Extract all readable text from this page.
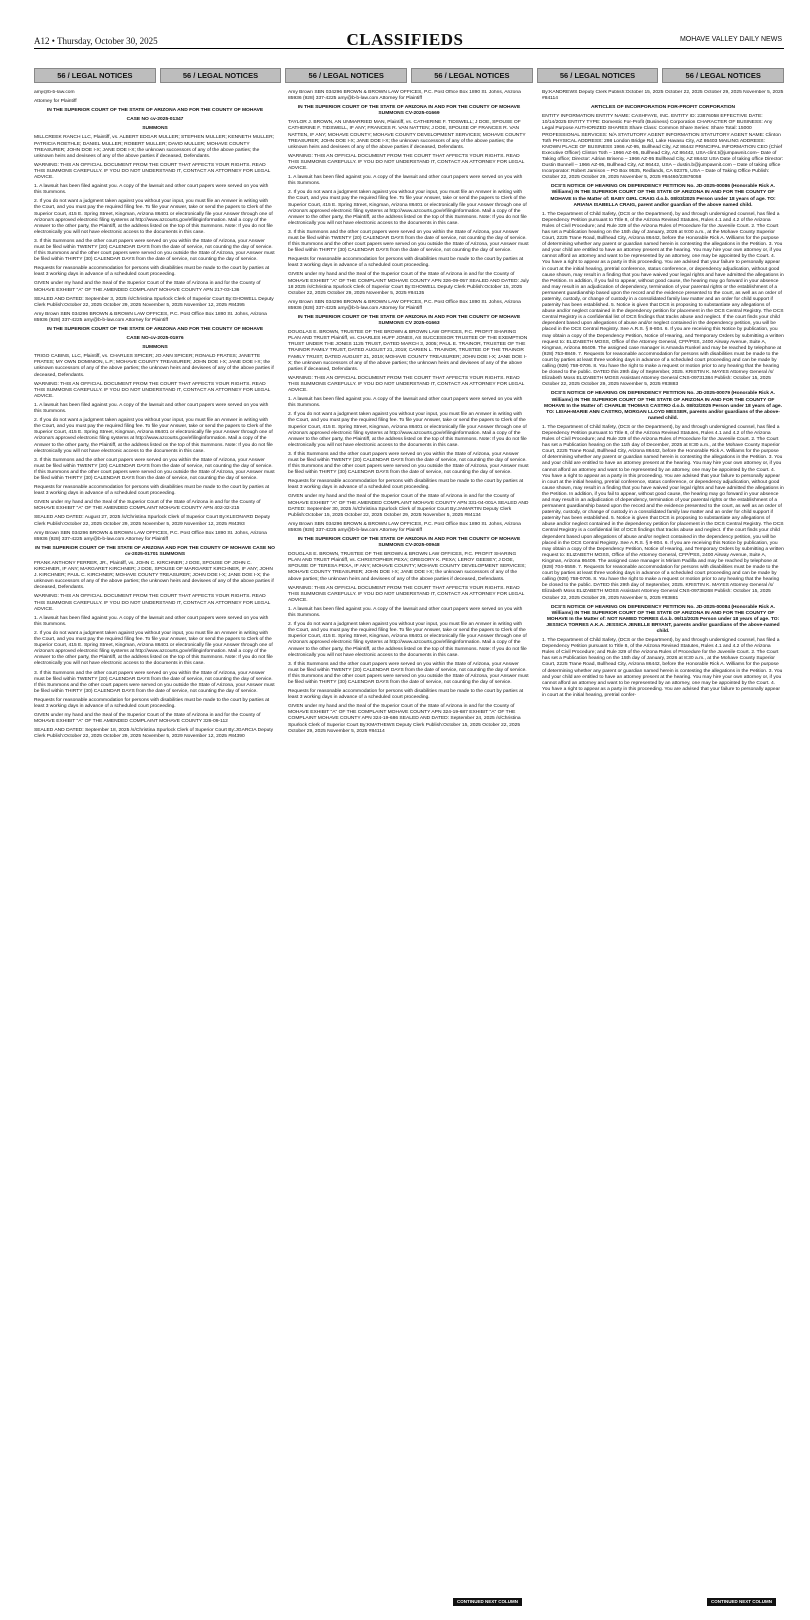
A12 • Thursday, October 30, 2025	CLASSIFIEDS	MOHAVE VALLEY DAILY NEWS
56 / LEGAL NOTICES	56 / LEGAL NOTICES	56 / LEGAL NOTICES	56 / LEGAL NOTICES	56 / LEGAL NOTICES	56 / LEGAL NOTICES

amy@b-b-law.com

Attorney for Plaintiff

IN THE SUPERIOR COURT OF THE STATE OF ARIZONA AND FOR THE COUNTY OF MOHAVE

CASE NO cv-2025-01347

SUMMONS

MILLCREEK RANCH LLC, Plaintiff, vs. ALBERT EDGAR MULLER; STEPHEN MULLER; KENNETH MULLER; PATRICIA ROETHLE; DANIEL MULLER; ROBERT MULLER; DAVID MULLER; MOHAVE COUNTY TREASURER; JOHN DOE I-X; JANE DOE I-X; the unknown successors of any of the above parties; the unknown heirs and devisees of any of the above parties if deceased, Defendants.

WARNING: THIS AN OFFICIAL DOCUMENT FROM THE COURT THAT AFFECTS YOUR RIGHTS. READ THIS SUMMONS CAREFULLY. IF YOU DO NOT UNDERSTAND IT, CONTACT AN ATTORNEY FOR LEGAL ADVICE.

1. A lawsuit has been filed against you. A copy of the lawsuit and other court papers were served on you with this Summons.

2. If you do not want a judgment taken against you without your input, you must file an Answer in writing with the Court, and you must pay the required filing fee. To file your Answer, take or send the papers to Clerk of the Superior Court, 415 E. Spring Street, Kingman, Arizona 86401 or electronically file your Answer through one of Arizona's approved electronic filing systems at http://www.azcourts.gov/efilinginformation. Mail a copy of the Answer to the other party, the Plaintiff, at the address listed on the top of this Summons. Note: If you do not file electronically you will not have electronic access to the documents in this case.

3. If this Summons and the other court papers were served on you within the State of Arizona, your Answer must be filed within TWENTY (20) CALENDAR DAYS from the date of service, not counting the day of service. If this Summons and the other court papers were served on you outside the State of Arizona, your Answer must be filed within THIRTY (30) CALENDAR DAYS from the date of service, not counting the day of service.

Requests for reasonable accommodation for persons with disabilities must be made to the court by parties at least 3 working days in advance of a scheduled court proceeding.

GIVEN under my hand and the Seal of the Superior Court of the State of Arizona in and for the County of MOHAVE EXHIBIT "A" OF THE AMENDED COMPLAINT MOHAVE COUNTY APN 217-03-136

SEALED AND DATED: September 3, 2025 /s/Christina Spurlock Clerk of Superior Court By:GHOWELL Deputy Clerk Publish:October 22, 2025 October 29, 2025 November 5, 2025 November 12, 2025 #84395

Amy Brown SBN 034296 BROWN & BROWN LAW OFFICES, P.C. Post Office Box 1890 St. Johns, Arizona 85936 (928) 337-4225 amy@b-b-law.com Attorney for Plaintiff

IN THE SUPERIOR COURT OF THE STATE OF ARIZONA AND FOR THE COUNTY OF MOHAVE

CASE NO-cv-2025-01976

SUMMONS

TRIGO CABINS, LLC, Plaintiff, vs. CHARLES SPICER; JO ANN SPICER; RONALD FRATES; JANETTE FRATES; MY OWN DOMINION, L.P.; MOHAVE COUNTY TREASURER; JOHN DOE I-X; JANE DOE I-X; the unknown successors of any of the above parties; the unknown heirs and devisees of any of the above parties if deceased, Defendants.

WARNING: THIS AN OFFICIAL DOCUMENT FROM THE COURT THAT AFFECTS YOUR RIGHTS. READ THIS SUMMONS CAREFULLY. IF YOU DO NOT UNDERSTAND IT, CONTACT AN ATTORNEY FOR LEGAL ADVICE.

1. A lawsuit has been filed against you. A copy of the lawsuit and other court papers were served on you with this Summons.

2. If you do not want a judgment taken against you without your input, you must file an Answer in writing with the Court, and you must pay the required filing fee. To file your Answer, take or send the papers to Clerk of the Superior Court, 415 E. Spring Street, Kingman, Arizona 86401 or electronically file your Answer through one of Arizona's approved electronic filing systems at http://www.azcourts.gov/efilinginformation. Mail a copy of the Answer to the other party, the Plaintiff, at the address listed on the top of this Summons. Note: If you do not file electronically you will not have electronic access to the documents in this case.

3. If this Summons and the other court papers were served on you within the State of Arizona, your Answer must be filed within TWENTY (20) CALENDAR DAYS from the date of service, not counting the day of service. If this Summons and the other court papers were served on you outside the State of Arizona, your Answer must be filed within THIRTY (30) CALENDAR DAYS from the date of service, not counting the day of service.

Requests for reasonable accommodation for persons with disabilities must be made to the court by parties at least 3 working days in advance of a scheduled court proceeding.

GIVEN under my hand and the Seal of the Superior Court of the State of Arizona in and for the County of MOHAVE EXHIBIT "A" OF THE AMENDED COMPLAINT MOHAVE COUNTY APN 402-32-215

SEALED AND DATED: August 27, 2025 /s/Christina Spurlock Clerk of Superior Court By:KLEONARD Deputy Clerk Publish:October 22, 2025 October 29, 2025 November 5, 2029 November 12, 2025 #84393

Amy Brown SBN 034296 BROWN & BROWN LAW OFFICES, P.C. Post Office Box 1890 St. Johns, Arizona 85936 (928) 337-4225 amy@b-b-law.com Attorney for Plaintiff

IN THE SUPERIOR COURT OF THE STATE OF ARIZONA AND FOR THE COUNTY OF MOHAVE CASE NO cv-2025-01701 SUMMONS

FRANK ANTHONY FERRER, JR., Plaintiff, vs. JOHN C. KIRCHNER; J DOE, SPOUSE OF JOHN C. KIRCHNER, IF ANY; MARGARET KIRCHNER; J DOE, SPOUSE OF MARGARET KIRCHNER, IF ANY; JOHN J. KIRCHNER; PAUL C. KIRCHNER; MOHAVE COUNTY TREASURER; JOHN DOE I-X; JANE DOE I-X; the unknown successors of any of the above parties; the unknown heirs and devisees of any of the above parties if deceased, Defendants.

WARNING: THIS AN OFFICIAL DOCUMENT FROM THE COURT THAT AFFECTS YOUR RIGHTS. READ THIS SUMMONS CAREFULLY. IF YOU DO NOT UNDERSTAND IT, CONTACT AN ATTORNEY FOR LEGAL ADVICE.

1. A lawsuit has been filed against you. A copy of the lawsuit and other court papers were served on you with this Summons.

2. If you do not want a judgment taken against you without your input, you must file an Answer in writing with the Court, and you must pay the required filing fee. To file your Answer, take or send the papers to Clerk of the Superior Court, 415 E. Spring Street, Kingman, Arizona 86401 or electronically file your Answer through one of Arizona's approved electronic filing systems at http://www.azcourts.gov/efilinginformation. Mail a copy of the Answer to the other party, the Plaintiff, at the address listed on the top of this Summons. Note: If you do not file electronically you will not have electronic access to the documents in this case.

3. If this Summons and the other court papers were served on you within the State of Arizona, your Answer must be filed within TWENTY (20) CALENDAR DAYS from the date of service, not counting the day of service. If this Summons and the other court papers were served on you outside the State of Arizona, your Answer must be filed within THIRTY (30) CALENDAR DAYS from the date of service, not counting the day of service.

Requests for reasonable accommodation for persons with disabilities must be made to the court by parties at least 3 working days in advance of a scheduled court proceeding.

GIVEN under my hand and the Seal of the Superior Court of the State of Arizona in and for the County of MOHAVE EXHIBIT "A" OF THE AMENDED COMPLAINT MOHAVE COUNTY 326-09-112

SEALED AND DATED: September 18, 2025 /s/Christina Spurlock Clerk of Superior Court By:JGARCIA Deputy Clerk Publish:October 22, 2025 October 29, 2025 November 5, 2029 November 12, 2025 #84390

Amy Brown SBN 034296 BROWN & BROWN LAW OFFICES, P.C. Post Office Box 1890 St. Johns, Arizona 85936 (928) 337-4225 amy@b-b-law.com Attorney for Plaintiff

IN THE SUPERIOR COURT OF THE STATE OF ARIZONA IN AND FOR THE COUNTY OF MOHAVE SUMMONS CV-2025-01669

TAYLOR J. BROWN, AN UNMARRIED MAN, Plaintiff, vs. CATHERINE F. TIDSWELL; J DOE, SPOUSE OF CATHERINE F. TIDSWELL, IF ANY; FRANCES R. VAN NATTEN; J DOE, SPOUSE OF FRANCES R. VAN NATTEN, IF ANY; MOHAVE COUNTY; MOHAVE COUNTY DEVELOPMENT SERVICES; MOHAVE COUNTY TREASURER; JOHN DOE I-X; JANE DOE I-X; the unknown successors of any of the above parties; the unknown heirs and devisees of any of the above parties if deceased, Defendants.

WARNING: THIS AN OFFICIAL DOCUMENT FROM THE COURT THAT AFFECTS YOUR RIGHTS. READ THIS SUMMONS CAREFULLY. IF YOU DO NOT UNDERSTAND IT, CONTACT AN ATTORNEY FOR LEGAL ADVICE.

1. A lawsuit has been filed against you. A copy of the lawsuit and other court papers were served on you with this Summons.

2. If you do not want a judgment taken against you without your input, you must file an Answer in writing with the Court, and you must pay the required filing fee. To file your Answer, take or send the papers to Clerk of the Superior Court, 415 E. Spring Street, Kingman, Arizona 86401 or electronically file your Answer through one of Arizona's approved electronic filing systems at http://www.azcourts.gov/efilinginformation. Mail a copy of the Answer to the other party, the Plaintiff, at the address listed on the top of this Summons. Note: If you do not file electronically you will not have electronic access to the documents in this case.

3. If this Summons and the other court papers were served on you within the State of Arizona, your Answer must be filed within TWENTY (20) CALENDAR DAYS from the date of service, not counting the day of service. If this Summons and the other court papers were served on you outside the State of Arizona, your Answer must be filed within THIRTY (30) CALENDAR DAYS from the date of service, not counting the day of service.

Requests for reasonable accommodation for persons with disabilities must be made to the court by parties at least 3 working days in advance of a scheduled court proceeding.

GIVEN under my hand and the Seal of the Superior Court of the State of Arizona in and for the County of MOHAVE EXHIBIT "A" OF THE COMPLAINT MOHAVE COUNTY APN 326-09-057 SEALED AND DATED: July 18 2025 /s/Christina Spurlock Clerk of Superior Court By:GHOWELL Deputy Clerk Publish:October 15, 2025 October 22, 2025 October 29, 2025 November 5, 2025 #84135

Amy Brown SBN 034296 BROWN & BROWN LAW OFFICES, P.C. Post Office Box 1890 St. Johns, Arizona 85936 (928) 337-4225 amy@b-b-law.com Attorney for Plaintiff

IN THE SUPERIOR COURT OF THE STATE OF ARIZONA IN AND FOR THE COUNTY OF MOHAVE SUMMONS CV 2025-01663

DOUGLAS E. BROWN, TRUSTEE OF THE BROWN & BROWN LAW OFFICES, P.C. PROFIT SHARING PLAN AND TRUST Plaintiff, vs. CHARLES HUFF JONES, AS SUCCESSOR TRUSTEE OF THE EXEMPTION TRUST UNDER THE JONES 1125 TRUST, DATED MARCH 3, 2005; PAUL E. TRAINOR, TRUSTEE OF THE TRAINOR FAMILY TRUST, DATED AUGUST 21, 2019; CARIEN L. TRAINOR, TRUSTEE OF THE TRAINOR FAMILY TRUST, DATED AUGUST 21, 2019; MOHAVE COUNTY TREASURER; JOHN DOE I-X; JANE DOE I-X; the unknown successors of any of the above parties; the unknown heirs and devisees of any of the above parties if deceased, Defendants.

WARNING: THIS AN OFFICIAL DOCUMENT FROM THE COURT THAT AFFECTS YOUR RIGHTS. READ THIS SUMMONS CAREFULLY. IF YOU DO NOT UNDERSTAND IT, CONTACT AN ATTORNEY FOR LEGAL ADVICE.

1. A lawsuit has been filed against you. A copy of the lawsuit and other court papers were served on you with this Summons.

2. If you do not want a judgment taken against you without your input, you must file an Answer in writing with the Court, and you must pay the required filing fee. To file your Answer, take or send the papers to Clerk of the Superior Court, 415 E. Spring Street, Kingman, Arizona 86401 or electronically file your Answer through one of Arizona's approved electronic filing systems at http://www.azcourts.gov/efilinginformation. Mail a copy of the Answer to the other party, the Plaintiff, at the address listed on the top of this Summons. Note: If you do not file electronically you will not have electronic access to the documents in this case.

3. If this Summons and the other court papers were served on you within the State of Arizona, your Answer must be filed within TWENTY (20) CALENDAR DAYS from the date of service, not counting the day of service. If this Summons and the other court papers were served on you outside the State of Arizona, your Answer must be filed within THIRTY (30) CALENDAR DAYS from the date of service, not counting the day of service.

Requests for reasonable accommodation for persons with disabilities must be made to the court by parties at least 3 working days in advance of a scheduled court proceeding.

GIVEN under my hand and the Seal of the Superior Court of the State of Arizona in and for the County of MOHAVE EXHIBIT "A" OF THE AMENDED COMPLAINT MOHAVE COUNTY APN 331-04-001A SEALED AND DATED: September 30, 2025 /s/Christina Spurlock Clerk of Superior Court By:JAMARTIN Deputy Clerk Publish:October 15, 2025 October 22, 2025 October 29, 2025 November 5, 2025 #84134

Amy Brown SBN 034296 BROWN & BROWN LAW OFFICES, P.C. Post Office Box 1890 St. Johns, Arizona 85936 (928) 337-4225 amy@b-b-law.com Attorney for Plaintiff

IN THE SUPERIOR COURT OF THE STATE OF ARIZONA IN AND FOR THE COUNTY OF MOHAVE SUMMONS CV-2025-00948

DOUGLAS E. BROWN, TRUSTEE OF THE BROWN & BROWN LAW OFFICES, P.C. PROFIT SHARING PLAN AND TRUST Plaintiff, vs. CHRISTOPHER PEXA; GREGORY K. PEXA; LEROY GEESEY; J DOE, SPOUSE OF TERESA PEXA, IF ANY; MOHAVE COUNTY; MOHAVE COUNTY DEVELOPMENT SERVICES; MOHAVE COUNTY TREASURER; JOHN DOE I-X; JANE DOE I-X; the unknown successors of any of the above parties; the unknown heirs and devisees of any of the above parties if deceased, Defendants.

WARNING: THIS AN OFFICIAL DOCUMENT FROM THE COURT THAT AFFECTS YOUR RIGHTS. READ THIS SUMMONS CAREFULLY. IF YOU DO NOT UNDERSTAND IT, CONTACT AN ATTORNEY FOR LEGAL ADVICE.

1. A lawsuit has been filed against you. A copy of the lawsuit and other court papers were served on you with this Summons.

2. If you do not want a judgment taken against you without your input, you must file an Answer in writing with the Court, and you must pay the required filing fee. To file your Answer, take or send the papers to Clerk of the Superior Court, 415 E. Spring Street, Kingman, Arizona 86401 or electronically file your Answer through one of Arizona's approved electronic filing systems at http://www.azcourts.gov/efilinginformation. Mail a copy of the Answer to the other party, the Plaintiff, at the address listed on the top of this Summons. Note: If you do not file electronically you will not have electronic access to the documents in this case.

3. If this Summons and the other court papers were served on you within the State of Arizona, your Answer must be filed within TWENTY (20) CALENDAR DAYS from the date of service, not counting the day of service. If this Summons and the other court papers were served on you outside the State of Arizona, your Answer must be filed within THIRTY (30) CALENDAR DAYS from the date of service, not counting the day of service.

Requests for reasonable accommodation for persons with disabilities must be made to the court by parties at least 3 working days in advance of a scheduled court proceeding.

GIVEN under my hand and the Seal of the Superior Court of the State of Arizona in and for the County of MOHAVE EXHIBIT "A" OF THE COMPLAINT MOHAVE COUNTY APN 324-19-687 EXHIBIT "A" OF THE COMPLAINT MOHAVE COUNTY APN 324-19-686 SEALED AND DATED: September 24, 2025 /s/Christina Spurlock Clerk of Superior Court By:KMATHEWS Deputy Clerk Publish:October 15, 2025 October 22, 2025 October 29, 2025 November 5, 2025 #84114

CONTINUED NEXT COLUMN

By:KANDREWS Deputy Clerk Publish:October 15, 2025 October 22, 2025 October 29, 2025 November 5, 2025 #84114

ARTICLES OF INCORPORATION FOR-PROFIT CORPORATION

ENTITY INFORMATION ENTITY NAME: CASHFAYE, INC. ENTITY ID: 23876058 EFFECTIVE DATE: 10/14/2025 ENTITY TYPE: Domestic For-Profit (Business) Corporation CHARACTER OF BUSINESS: Any Legal Purpose AUTHORIZED SHARES Share Class: Common Share Series: Share Total: 15000 PROFESSIONAL SERVICES: N/A STATUTORY AGENT INFORMATION STATUTORY AGENT NAME: Clinton Toth PHYSICAL ADDRESS: 298 London Bridge Rd, Lake Havasu City, AZ 86403 MAILING ADDRESS: KNOWN PLACE OF BUSINESS 1966 AZ-95, Bullhead City, AZ 86442 PRINCIPAL INFORMATION CEO (Chief Executive Officer) Clinton Toth – 1966 AZ-95, Bullhead City, AZ 86442, USA-clint.t@jumpawnit.com– Date of Taking office; Director: Adrian Briseno – 1966 AZ-95 Bullhead City, AZ 86442 USA Date of taking office Director: Dustin Bunnell – 1966 AZ-95, Bullhead City, AZ 86442, USA – dustin.b@jumpawnit.com – Date of taking office Incorporator: Robert Jamison – PO Box 9535, Redlands, CA 92375, USA – Date of Taking Office Publish: October 22, 2025 October 29, 2025 November 5, 2025 #84460/23876058

DCS'S NOTICE OF HEARING ON DEPENDENCY PETITION No. JD-2025-00086 (Honorable Rick A. Williams) IN THE SUPERIOR COURT OF THE STATE OF ARIZONA IN AND FOR THE COUNTY OF MOHAVE In the Matter of: BABY GIRL CRAIG d.o.b. 08/03/2025 Person under 18 years of age. TO: ARIANA ISABELLA CRAIG, parent and/or guardian of the above named child.

1. The Department of Child Safety, (DCS or the Department), by and through undersigned counsel, has filed a Dependency Petition pursuant to Title 8, of the Arizona Revised Statutes, Rules 4.1 and 4.2 of the Arizona Rules of Civil Procedure; and Rule 329 of the Arizona Rules of Procedure for the Juvenile Court. 2. The Court has set a Publication hearing on the 15th day of January, 2026 at 9:00 a.m., at the Mohave County Superior Court, 2225 Trane Road, Bullhead City, Arizona 86442, before the Honorable Rick A. Williams for the purpose of determining whether any parent or guardian named herein is contesting the allegations in the Petition. 3. You and your child are entitled to have an attorney present at the hearing. You may hire your own attorney or, if you cannot afford an attorney and want to be represented by an attorney, one may be appointed by the Court. 4. You have a right to appear as a party in this proceeding. You are advised that your failure to personally appear in court at the initial hearing, pretrial conference, status conference, or dependency adjudication, without good cause shown, may result in a finding that you have waived your legal rights and have admitted the allegations in the Petition. In addition, if you fail to appear, without good cause, the hearing may go forward in your absence and may result in an adjudication of dependency, termination of your parental rights or the establishment of a permanent guardianship based upon the record and the evidence presented to the court, as well as an order of paternity, custody, or change of custody in a consolidated family law matter and an order for child support if paternity has been established. 5. Notice is given that DCS is proposing to substantiate any allegations of abuse and/or neglect contained in the dependency petition for placement in the DCS Central Registry. The DCS Central Registry is a confidential list of DCS findings that tracks abuse and neglect. If the court finds your child dependent based upon allegations of abuse and/or neglect contained in the dependency petition, you will be placed in the DCS Central Registry. See A.R.S. § 8-804. 6. If you are receiving this Notice by publication, you may obtain a copy of the Dependency Petition, Notice of Hearing, and Temporary Orders by submitting a written request to: ELIZABETH MOSS, Office of the Attorney General, CFP/PSS, 2400 Airway Avenue, Suite A, Kingman, Arizona 86409. The assigned case manager is Amanda Runkel and may be reached by telephone at (928) 753-8849. 7. Requests for reasonable accommodation for persons with disabilities must be made to the court by parties at least three working days in advance of a scheduled court proceeding and can be made by calling (928) 758-0706. 8. You have the right to make a request or motion prior to any hearing that the hearing be closed to the public. DATED this 29th day of September, 2025. KRISTIN K. MAYES Attorney General /s/ Elizabeth Moss ELIZABETH MOSS Assistant Attorney General CNS-09731384 Publish: October 15, 2025 October 22, 2025 October 29, 2025 November 5, 2025 #83883

DCS'S NOTICE OF HEARING ON DEPENDENCY PETITION No. JD-2025-00079 (Honorable Rick A. Williams) IN THE SUPERIOR COURT OF THE STATE OF ARIZONA IN AND FOR THE COUNTY OF MOHAVE In the Matter of: CHARLIE THOMAS CASTRO d.o.b. 08/02/2025 Person under 18 years of age. TO: LEIAH-MARIE ANN CASTRO, MORGAN LLOYD MESSER, parents and/or guardians of the above-named child.

1. The Department of Child Safety, (DCS or the Department), by and through undersigned counsel, has filed a Dependency Petition pursuant to Title 8, of the Arizona Revised Statutes, Rules 4.1 and 4.2 of the Arizona Rules of Civil Procedure; and Rule 329 of the Arizona Rules of Procedure for the Juvenile Court. 2. The Court has set a Publication hearing on the 11th day of December, 2025 at 8:30 a.m., at the Mohave County Superior Court, 2225 Trane Road, Bullhead City, Arizona 86442, before the Honorable Rick A. Williams for the purpose of determining whether any parent or guardian named herein is contesting the allegations in the Petition. 3. You and your child are entitled to have an attorney present at the hearing. You may hire your own attorney or, if you cannot afford an attorney and want to be represented by an attorney, one may be appointed by the Court. 4. You have a right to appear as a party in this proceeding. You are advised that your failure to personally appear in court at the initial hearing, pretrial conference, status conference, or dependency adjudication, without good cause shown, may result in a finding that you have waived your legal rights and have admitted the allegations in the Petition. In addition, if you fail to appear, without good cause, the hearing may go forward in your absence and may result in an adjudication of dependency, termination of your parental rights or the establishment of a permanent guardianship based upon the record and the evidence presented to the court, as well as an order of paternity, custody, or change of custody in a consolidated family law matter and an order for child support if paternity has been established. 5. Notice is given that DCS is proposing to substantiate any allegations of abuse and/or neglect contained in the dependency petition for placement in the DCS Central Registry. The DCS Central Registry is a confidential list of DCS findings that tracks abuse and neglect. If the court finds your child dependent based upon allegations of abuse and/or neglect contained in the dependency petition, you will be placed in the DCS Central Registry. See A.R.S. § 8-804. 6. If you are receiving this Notice by publication, you may obtain a copy of the Dependency Petition, Notice of Hearing, and Temporary Orders by submitting a written request to: ELIZABETH MOSS, Office of the Attorney General, CFP/PSS, 2400 Airway Avenue, Suite A, Kingman, Arizona 86409. The assigned case manager is Miriam Padilla and may be reached by telephone at (928) 704-5559. 7. Requests for reasonable accommodation for persons with disabilities must be made to the court by parties at least three working days in advance of a scheduled court proceeding and can be made by calling (928) 758-0706. 8. You have the right to make a request or motion prior to any hearing that the hearing be closed to the public. DATED this 29th day of September, 2025. KRISTIN K. MAYES Attorney General /s/ Elizabeth Moss ELIZABETH MOSS Assistant Attorney General CNS-09738268 Publish: October 15, 2025 October 22, 2025 October 29, 2025 November 5, 2025 #83881

DCS'S NOTICE OF HEARING ON DEPENDENCY PETITION No. JD-2025-00084 (Honorable Rick A. Williams) IN THE SUPERIOR COURT OF THE STATE OF ARIZONA IN AND FOR THE COUNTY OF MOHAVE In the Matter of: NOT NAMED TORRES d.o.b. 09/11/2025 Person under 18 years of age. TO: JESSICA TORRES A.K.A. JESSICA JENELLE BRYANT, parents and/or guardians of the above-named child.

1. The Department of Child Safety, (DCS or the Department), by and through undersigned counsel, has filed a Dependency Petition pursuant to Title 8, of the Arizona Revised Statutes, Rules 4.1 and 4.2 of the Arizona Rules of Civil Procedure; and Rule 329 of the Arizona Rules of Procedure for the Juvenile Court. 2. The Court has set a Publication hearing on the 15th day of January, 2026 at 8:30 a.m., at the Mohave County Superior Court, 2225 Trane Road, Bullhead City, Arizona 86442, before the Honorable Rick A. Williams for the purpose of determining whether any parent or guardian named herein is contesting the allegations in the Petition. 3. You and your child are entitled to have an attorney present at the hearing. You may hire your own attorney or, if you cannot afford an attorney and want to be represented by an attorney, one may be appointed by the Court. 4. You have a right to appear as a party in this proceeding. You are advised that your failure to personally appear in court at the initial hearing, pretrial confer-

CONTINUED NEXT COLUMN
